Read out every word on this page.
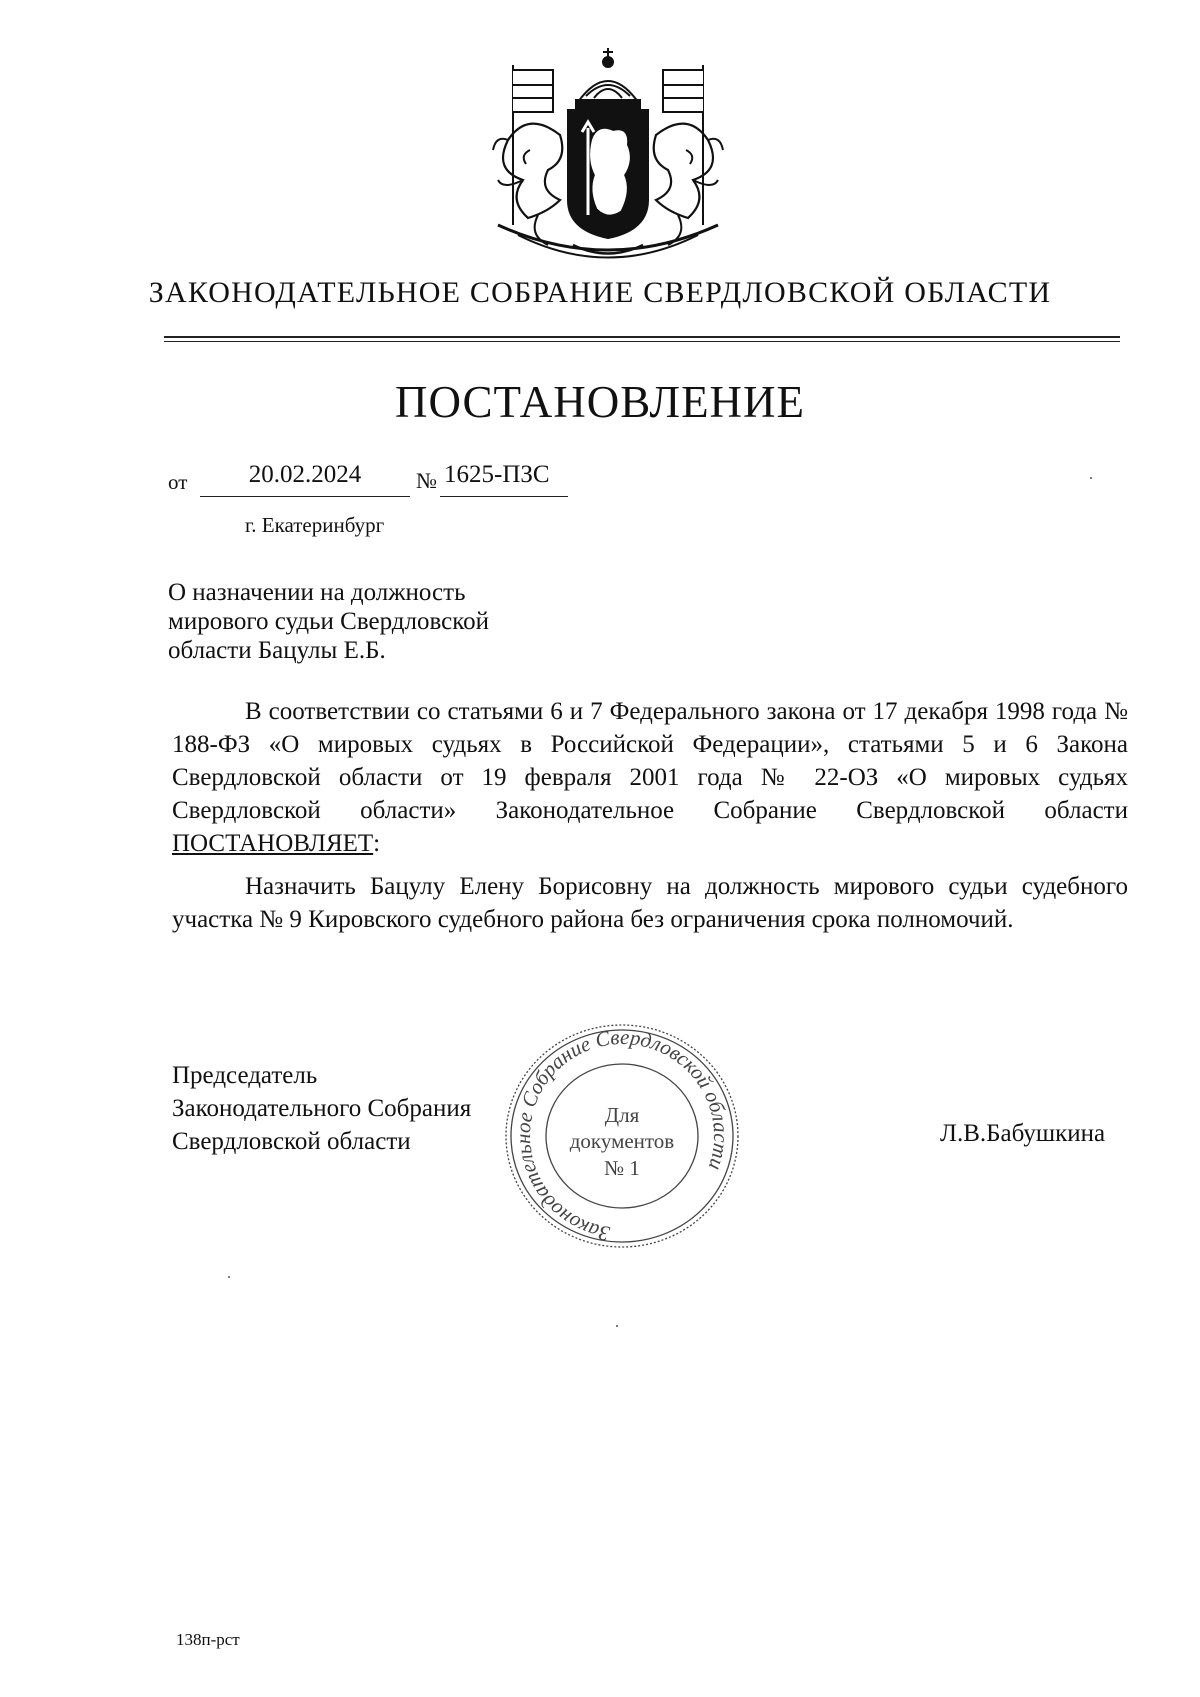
ЗАКОНОДАТЕЛЬНОЕ СОБРАНИЕ СВЕРДЛОВСКОЙ ОБЛАСТИ
ПОСТАНОВЛЕНИЕ
от	20.02.2024	№ 1625-ПЗС
г. Екатеринбург
О назначении на должность
мирового судьи Свердловской
области Бацулы Е.Б.
В соответствии со статьями 6 и 7 Федерального закона от 17 декабря 1998 года № 188-ФЗ «О мировых судьях в Российской Федерации», статьями 5 и 6 Закона Свердловской области от 19 февраля 2001 года № 22-ОЗ «О мировых судьях Свердловской области» Законодательное Собрание Свердловской области ПОСТАНОВЛЯЕТ:
Назначить Бацулу Елену Борисовну на должность мирового судьи судебного участка № 9 Кировского судебного района без ограничения срока полномочий.
Председатель
Законодательного Собрания
Свердловской области
Законодательное Собрание Свердловской области
Для
документов
№ 1
Л.В.Бабушкина
138п-рст
